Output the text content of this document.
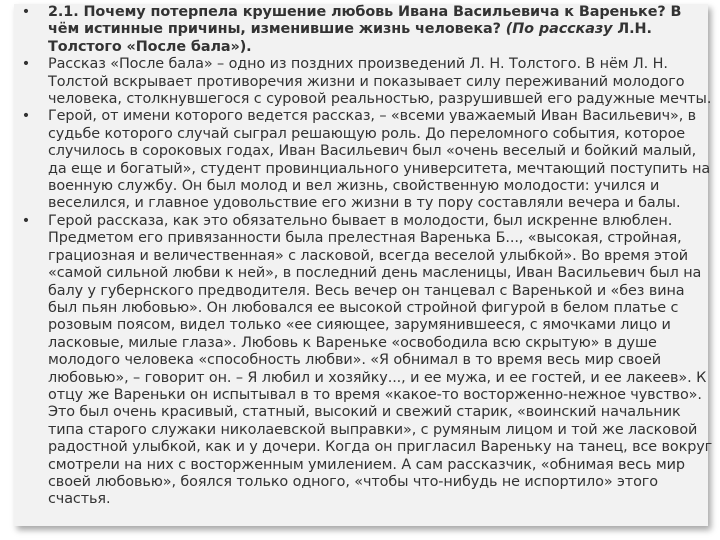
• 2.1. Почему потерпела крушение любовь Ивана Васильевича к Вареньке? В чём истинные причины, изменившие жизнь человека? (По рассказу Л.Н. Толстого «После бала»).
• Рассказ «После бала» – одно из поздних произведений Л. Н. Толстого. В нём Л. Н. Толстой вскрывает противоречия жизни и показывает силу переживаний молодого человека, столкнувшегося с суровой реальностью, разрушившей его радужные мечты.
• Герой, от имени которого ведется рассказ, – «всеми уважаемый Иван Васильевич», в судьбе которого случай сыграл решающую роль. До переломного события, которое случилось в сороковых годах, Иван Васильевич был «очень веселый и бойкий малый, да еще и богатый», студент провинциального университета, мечтающий поступить на военную службу. Он был молод и вел жизнь, свойственную молодости: учился и веселился, и главное удовольствие его жизни в ту пору составляли вечера и балы.
• Герой рассказа, как это обязательно бывает в молодости, был искренне влюблен. Предметом его привязанности была прелестная Варенька Б..., «высокая, стройная, грациозная и величественная» с ласковой, всегда веселой улыбкой». Во время этой «самой сильной любви к ней», в последний день масленицы, Иван Васильевич был на балу у губернского предводителя. Весь вечер он танцевал с Варенькой и «без вина был пьян любовью». Он любовался ее высокой стройной фигурой в белом платье с розовым поясом, видел только «ее сияющее, зарумянившееся, с ямочками лицо и ласковые, милые глаза». Любовь к Вареньке «освободила всю скрытую» в душе молодого человека «способность любви». «Я обнимал в то время весь мир своей любовью», – говорит он. – Я любил и хозяйку..., и ее мужа, и ее гостей, и ее лакеев». К отцу же Вареньки он испытывал в то время «какое-то восторженно-нежное чувство». Это был очень красивый, статный, высокий и свежий старик, «воинский начальник типа старого служаки николаевской выправки», с румяным лицом и той же ласковой радостной улыбкой, как и у дочери. Когда он пригласил Вареньку на танец, все вокруг смотрели на них с восторженным умилением. А сам рассказчик, «обнимая весь мир своей любовью», боялся только одного, «чтобы что-нибудь не испортило» этого счастья.
